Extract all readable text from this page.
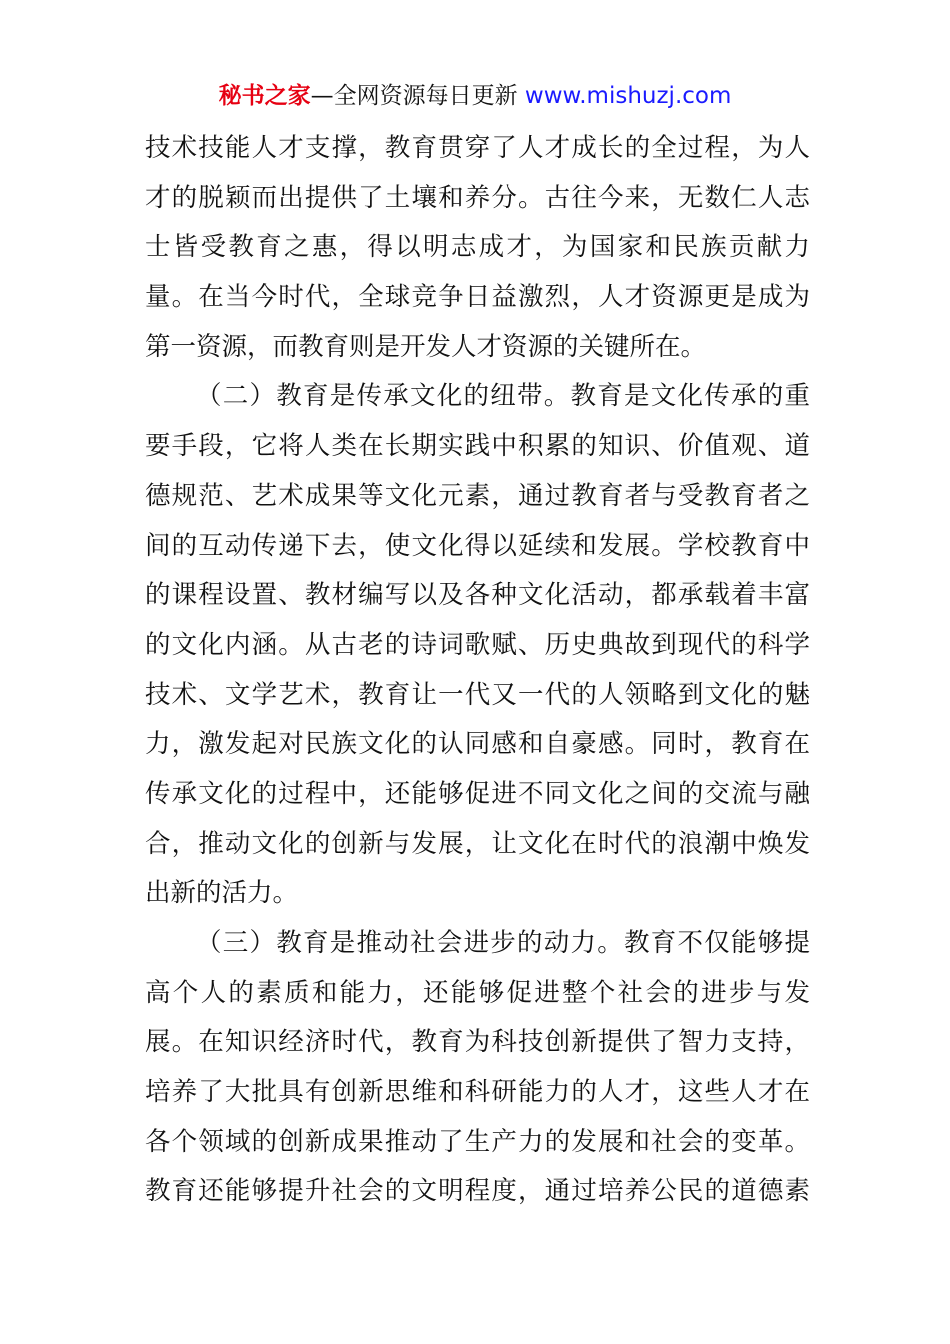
秘书之家—全网资源每日更新 www.mishuzj.com
技术技能人才支撑，教育贯穿了人才成长的全过程，为人
才的脱颖而出提供了土壤和养分。古往今来，无数仁人志
士皆受教育之惠，得以明志成才，为国家和民族贡献力
量。在当今时代，全球竞争日益激烈，人才资源更是成为
第一资源，而教育则是开发人才资源的关键所在。
（二）教育是传承文化的纽带。教育是文化传承的重
要手段，它将人类在长期实践中积累的知识、价值观、道
德规范、艺术成果等文化元素，通过教育者与受教育者之
间的互动传递下去，使文化得以延续和发展。学校教育中
的课程设置、教材编写以及各种文化活动，都承载着丰富
的文化内涵。从古老的诗词歌赋、历史典故到现代的科学
技术、文学艺术，教育让一代又一代的人领略到文化的魅
力，激发起对民族文化的认同感和自豪感。同时，教育在
传承文化的过程中，还能够促进不同文化之间的交流与融
合，推动文化的创新与发展，让文化在时代的浪潮中焕发
出新的活力。
（三）教育是推动社会进步的动力。教育不仅能够提
高个人的素质和能力，还能够促进整个社会的进步与发
展。在知识经济时代，教育为科技创新提供了智力支持，
培养了大批具有创新思维和科研能力的人才，这些人才在
各个领域的创新成果推动了生产力的发展和社会的变革。
教育还能够提升社会的文明程度，通过培养公民的道德素
